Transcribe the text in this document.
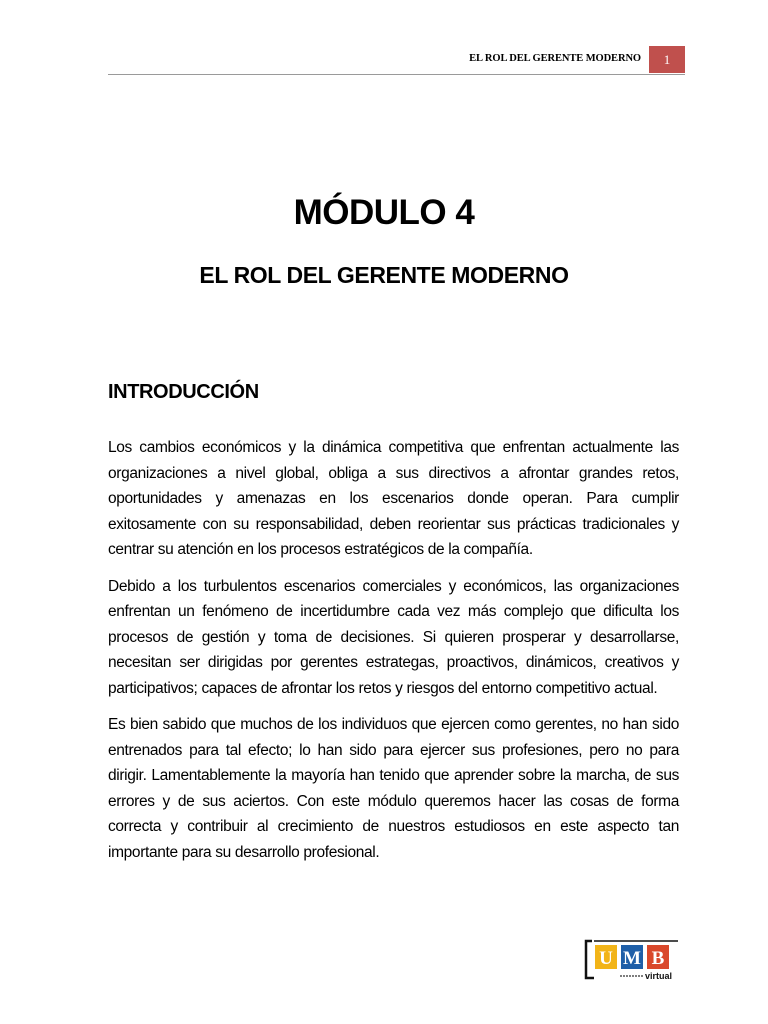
EL ROL DEL GERENTE MODERNO	1
MÓDULO 4
EL ROL DEL GERENTE MODERNO
INTRODUCCIÓN

Los cambios económicos y la dinámica competitiva que enfrentan actualmente las organizaciones a nivel global, obliga a sus directivos a afrontar grandes retos, oportunidades y amenazas en los escenarios donde operan. Para cumplir exitosamente con su responsabilidad, deben reorientar sus prácticas tradicionales y centrar su atención en los procesos estratégicos de la compañía.

Debido a los turbulentos escenarios comerciales y económicos, las organizaciones enfrentan un fenómeno de incertidumbre cada vez más complejo que dificulta los procesos de gestión y toma de decisiones. Si quieren prosperar y desarrollarse, necesitan ser dirigidas por gerentes estrategas, proactivos, dinámicos, creativos y participativos; capaces de afrontar los retos y riesgos del entorno competitivo actual.

Es bien sabido que muchos de los individuos que ejercen como gerentes, no han sido entrenados para tal efecto; lo han sido para ejercer sus profesiones, pero no para dirigir. Lamentablemente la mayoría han tenido que aprender sobre la marcha, de sus errores y de sus aciertos. Con este módulo queremos hacer las cosas de forma correcta y contribuir al crecimiento de nuestros estudiosos en este aspecto tan importante para su desarrollo profesional.

U M B
virtual
